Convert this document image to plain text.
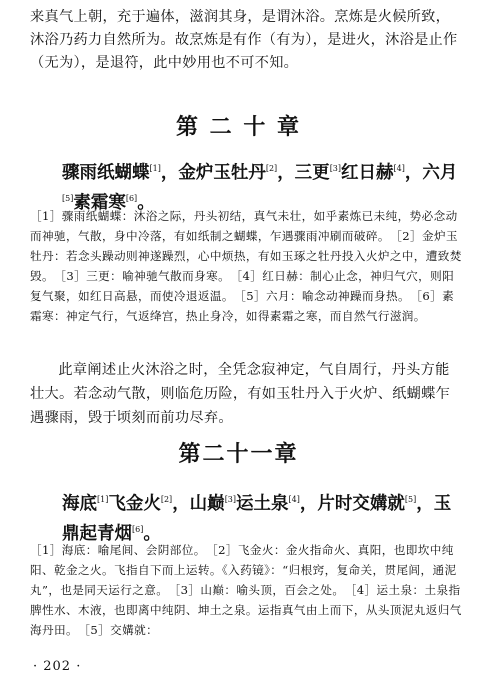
来真气上朝，充于遍体，滋润其身，是谓沐浴。烹炼是火候所致，沐浴乃药力自然所为。故烹炼是有作（有为），是进火，沐浴是止作（无为），是退符，此中妙用也不可不知。
第 二 十 章
骤雨纸蝴蝶[1]，金炉玉牡丹[2]，三更[3]红日赫[4]，六月[5]素霜寒[6]。
［1］骤雨纸蝴蝶：沐浴之际，丹头初结，真气未壮，如乎素炼已未纯，势必念动而神驰，气散，身中冷落，有如纸制之蝴蝶，乍遇骤雨冲刷而破碎。　［2］金炉玉牡丹：若念头躁动则神遂躁烈，心中烦热，有如玉琢之牡丹投入火炉之中，遭致焚毁。　［3］三更：喻神驰气散而身寒。　［4］红日赫：制心止念，神归气穴，则阳复气聚，如红日高悬，而使冷退返温。　［5］六月：喻念动神躁而身热。　［6］素霜寒：神定气行，气返绛宫，热止身冷，如得素霜之寒，而自然气行滋润。
此章阐述止火沐浴之时，全凭念寂神定，气自周行，丹头方能壮大。若念动气散，则临危历险，有如玉牡丹入于火炉、纸蝴蝶乍遇骤雨，毁于顷刻而前功尽弃。
第二十一章
海底[1]飞金火[2]，山巅[3]运土泉[4]，片时交媾就[5]，玉鼎起青烟[6]。
［1］海底：喻尾闾、会阴部位。　［2］飞金火：金火指命火、真阳，也即坎中纯阳、乾金之火。飞指自下而上运转。《入药镜》：“归根窍，复命关，贯尾闾，通泥丸”，也是同天运行之意。　［3］山巅：喻头顶，百会之处。　［4］运土泉：土泉指脾性水、木液，也即离中纯阴、坤土之泉。运指真气由上而下，从头顶泥丸返归气海丹田。　［5］交媾就：
· 202 ·
